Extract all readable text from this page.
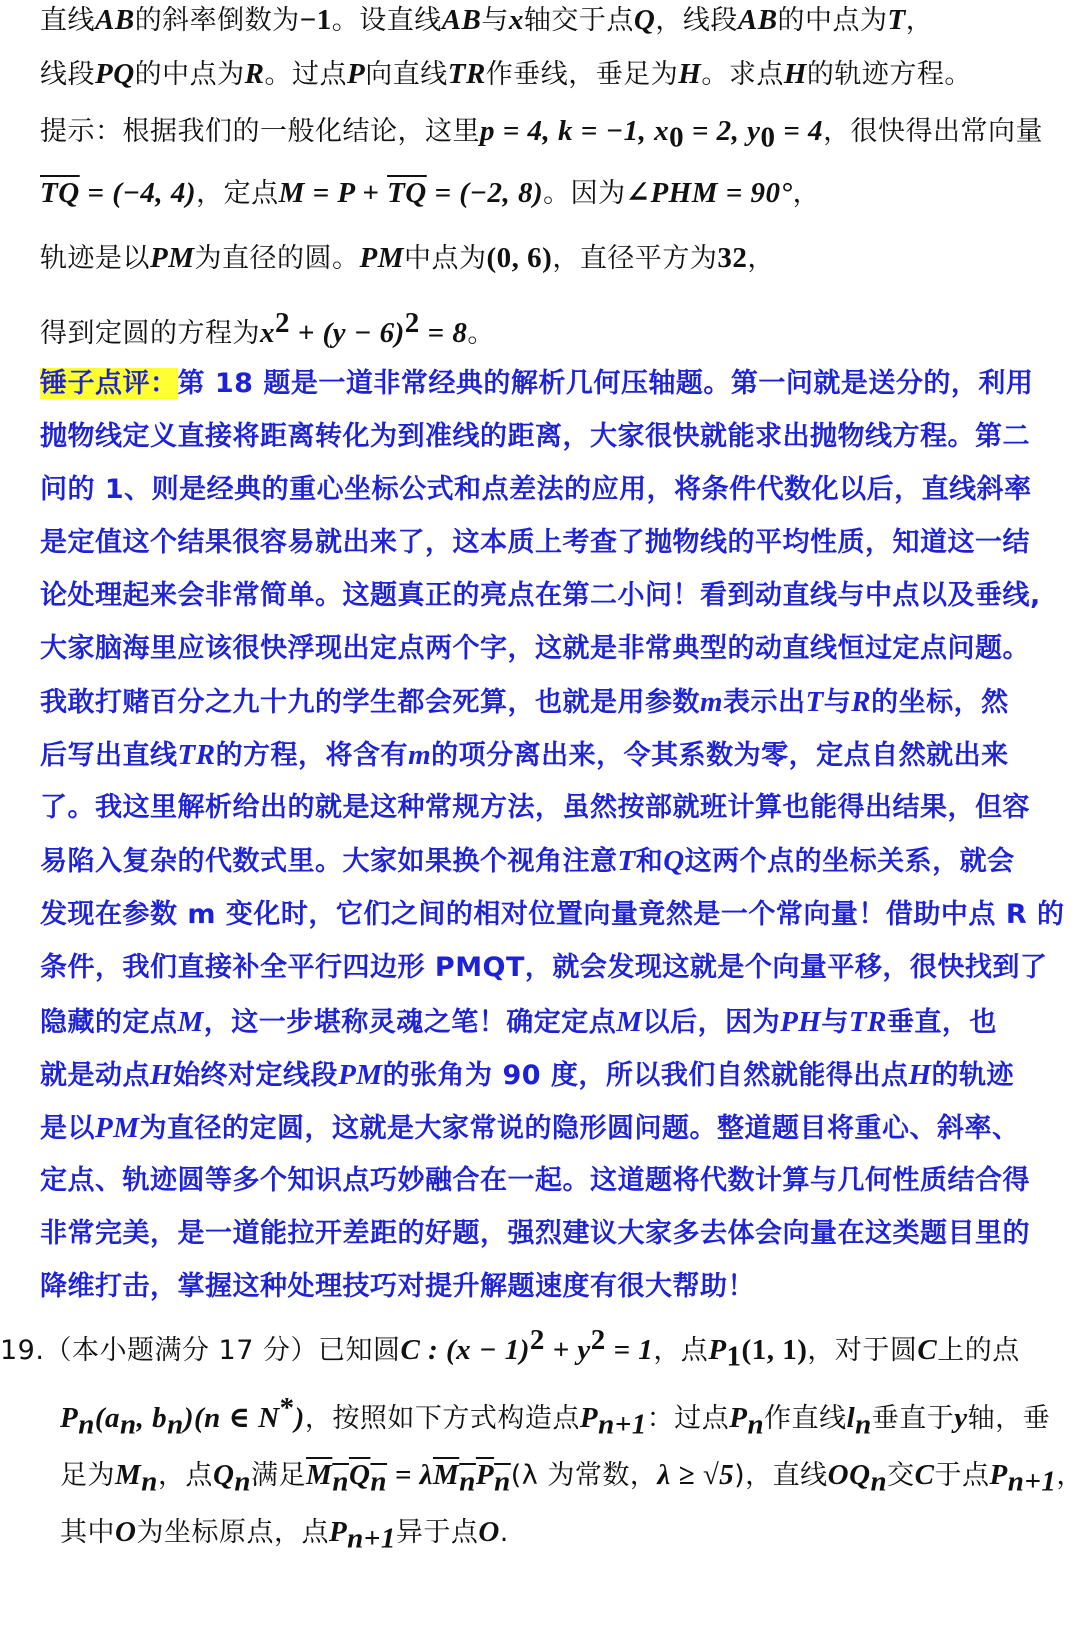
直线AB的斜率倒数为−1。设直线AB与x轴交于点Q，线段AB的中点为T，
线段PQ的中点为R。过点P向直线TR作垂线，垂足为H。求点H的轨迹方程。
提示：根据我们的一般化结论，这里p = 4, k = −1, $x_0 = 2$, $y_0 = 4$，很快得出常向量
$\overline{TQ} = (-4$, 4)，定点$M = P + \overline{TQ} = (-2$, 8)。因为∠PHM = 90°，
轨迹是以PM为直径的圆。PM中点为(0, 6)，直径平方为32，
得到定圆的方程为$x^2 + (y - 6)^2 = 8$。
锤子点评：第 18 题是一道非常经典的解析几何压轴题。第一问就是送分的，利用
抛物线定义直接将距离转化为到准线的距离，大家很快就能求出抛物线方程。第二
问的 1、则是经典的重心坐标公式和点差法的应用，将条件代数化以后，直线斜率
是定值这个结果很容易就出来了，这本质上考查了抛物线的平均性质，知道这一结
论处理起来会非常简单。这题真正的亮点在第二小问！看到动直线与中点以及垂线,
大家脑海里应该很快浮现出定点两个字，这就是非常典型的动直线恒过定点问题。
我敢打赌百分之九十九的学生都会死算，也就是用参数m表示出T与R的坐标，然
后写出直线TR的方程，将含有m的项分离出来，令其系数为零，定点自然就出来
了。我这里解析给出的就是这种常规方法，虽然按部就班计算也能得出结果，但容
易陷入复杂的代数式里。大家如果换个视角注意T和Q这两个点的坐标关系，就会
发现在参数 m 变化时，它们之间的相对位置向量竟然是一个常向量！借助中点 R 的
条件，我们直接补全平行四边形 PMQT，就会发现这就是个向量平移，很快找到了
隐藏的定点M，这一步堪称灵魂之笔！确定定点M以后，因为PH与TR垂直，也
就是动点H始终对定线段PM的张角为 90 度，所以我们自然就能得出点H的轨迹
是以PM为直径的定圆，这就是大家常说的隐形圆问题。整道题目将重心、斜率、
定点、轨迹圆等多个知识点巧妙融合在一起。这道题将代数计算与几何性质结合得
非常完美，是一道能拉开差距的好题，强烈建议大家多去体会向量在这类题目里的
降维打击，掌握这种处理技巧对提升解题速度有很大帮助！
19.（本小题满分 17 分）已知圆C : $(x - 1)^2 + y^2 = 1$，点$P_1(1$, 1)，对于圆C上的点
$P_n(a_n$, $b_n)(n$ ∈ N*)，按照如下方式构造点$P_{n+1}$：过点$P_n$作直线$l_n$垂直于y轴，垂
足为$M_n$，点$Q_n$满足$M_nQ_n = \lambda M_nP_n(\lambda$ 为常数，λ ≥ √5)，直线$OQ_n$交C于点$P_{n+1}$，
其中O为坐标原点，点$P_{n+1}$异于点O.
